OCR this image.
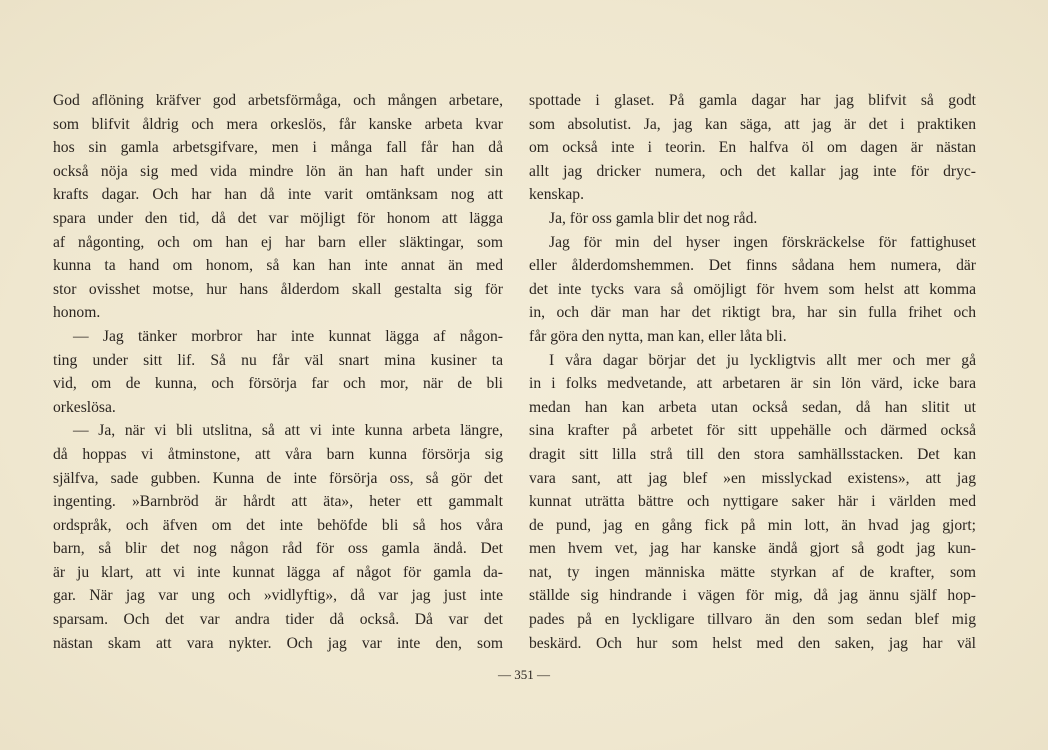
God aflöning kräfver god arbetsförmåga, och mången arbetare,
som blifvit åldrig och mera orkeslös, får kanske arbeta kvar
hos sin gamla arbetsgifvare, men i många fall får han då
också nöja sig med vida mindre lön än han haft under sin
krafts dagar. Och har han då inte varit omtänksam nog att
spara under den tid, då det var möjligt för honom att lägga
af någonting, och om han ej har barn eller släktingar, som
kunna ta hand om honom, så kan han inte annat än med
stor ovisshet motse, hur hans ålderdom skall gestalta sig för
honom.
— Jag tänker morbror har inte kunnat lägga af någon-
ting under sitt lif. Så nu får väl snart mina kusiner ta
vid, om de kunna, och försörja far och mor, när de bli
orkeslösa.
— Ja, när vi bli utslitna, så att vi inte kunna arbeta längre,
då hoppas vi åtminstone, att våra barn kunna försörja sig
själfva, sade gubben. Kunna de inte försörja oss, så gör det
ingenting. »Barnbröd är hårdt att äta», heter ett gammalt
ordspråk, och äfven om det inte behöfde bli så hos våra
barn, så blir det nog någon råd för oss gamla ändå. Det
är ju klart, att vi inte kunnat lägga af något för gamla da-
gar. När jag var ung och »vidlyftig», då var jag just inte
sparsam. Och det var andra tider då också. Då var det
nästan skam att vara nykter. Och jag var inte den, som
spottade i glaset. På gamla dagar har jag blifvit så godt
som absolutist. Ja, jag kan säga, att jag är det i praktiken
om också inte i teorin. En halfva öl om dagen är nästan
allt jag dricker numera, och det kallar jag inte för dryc-
kenskap.
Ja, för oss gamla blir det nog råd.
Jag för min del hyser ingen förskräckelse för fattighuset
eller ålderdomshemmen. Det finns sådana hem numera, där
det inte tycks vara så omöjligt för hvem som helst att komma
in, och där man har det riktigt bra, har sin fulla frihet och
får göra den nytta, man kan, eller låta bli.
I våra dagar börjar det ju lyckligtvis allt mer och mer gå
in i folks medvetande, att arbetaren är sin lön värd, icke bara
medan han kan arbeta utan också sedan, då han slitit ut
sina krafter på arbetet för sitt uppehälle och därmed också
dragit sitt lilla strå till den stora samhällsstacken. Det kan
vara sant, att jag blef »en misslyckad existens», att jag
kunnat uträtta bättre och nyttigare saker här i världen med
de pund, jag en gång fick på min lott, än hvad jag gjort;
men hvem vet, jag har kanske ändå gjort så godt jag kun-
nat, ty ingen människa mätte styrkan af de krafter, som
ställde sig hindrande i vägen för mig, då jag ännu själf hop-
pades på en lyckligare tillvaro än den som sedan blef mig
beskärd. Och hur som helst med den saken, jag har väl
— 351 —
